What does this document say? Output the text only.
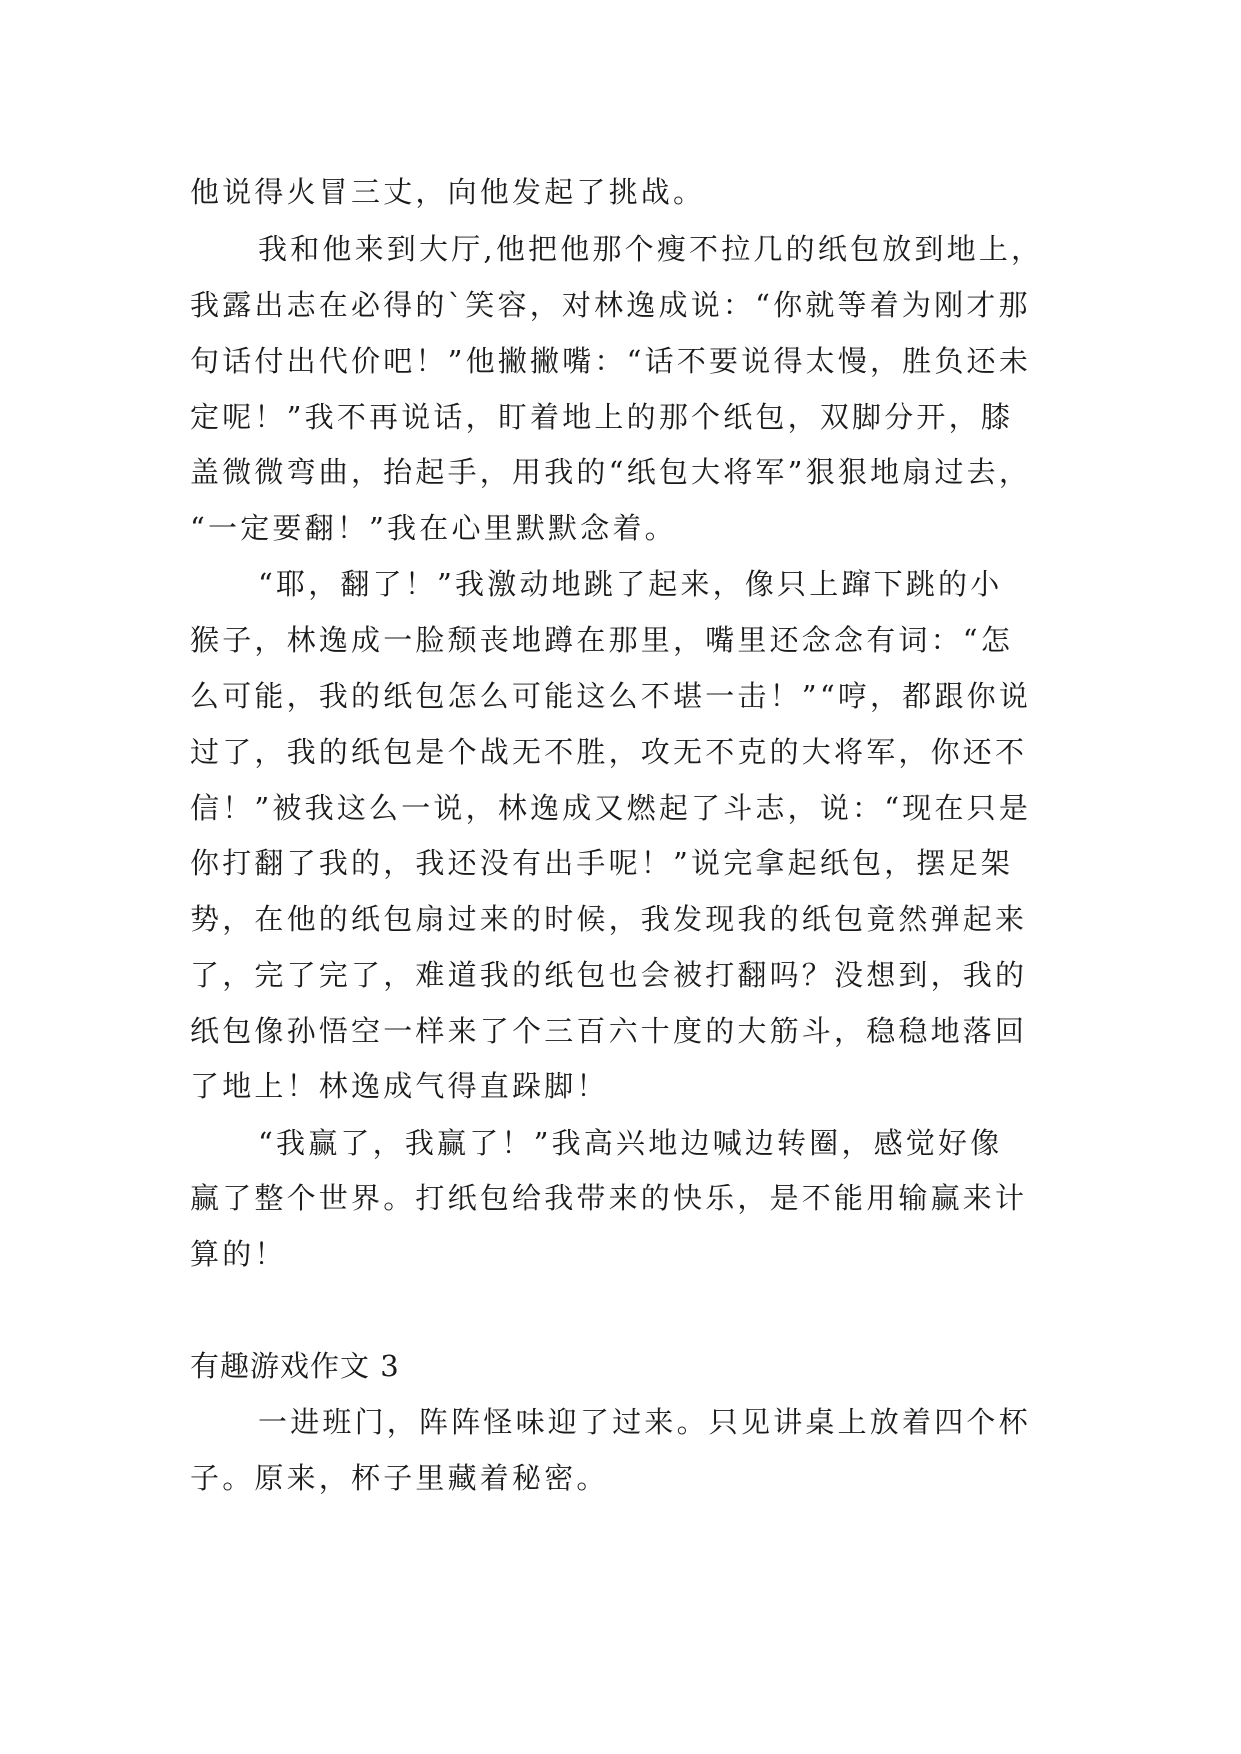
他说得火冒三丈，向他发起了挑战。
我和他来到大厅,他把他那个瘦不拉几的纸包放到地上，
我露出志在必得的`笑容，对林逸成说：“你就等着为刚才那
句话付出代价吧！”他撇撇嘴：“话不要说得太慢，胜负还未
定呢！”我不再说话，盯着地上的那个纸包，双脚分开，膝
盖微微弯曲，抬起手，用我的“纸包大将军”狠狠地扇过去，
“一定要翻！”我在心里默默念着。
“耶，翻了！”我激动地跳了起来，像只上蹿下跳的小
猴子，林逸成一脸颓丧地蹲在那里，嘴里还念念有词：“怎
么可能，我的纸包怎么可能这么不堪一击！”“哼，都跟你说
过了，我的纸包是个战无不胜，攻无不克的大将军，你还不
信！”被我这么一说，林逸成又燃起了斗志，说：“现在只是
你打翻了我的，我还没有出手呢！”说完拿起纸包，摆足架
势，在他的纸包扇过来的时候，我发现我的纸包竟然弹起来
了，完了完了，难道我的纸包也会被打翻吗？没想到，我的
纸包像孙悟空一样来了个三百六十度的大筋斗，稳稳地落回
了地上！林逸成气得直跺脚！
“我赢了，我赢了！”我高兴地边喊边转圈，感觉好像
赢了整个世界。打纸包给我带来的快乐，是不能用输赢来计
算的！
有趣游戏作文 3
一进班门，阵阵怪味迎了过来。只见讲桌上放着四个杯
子。原来，杯子里藏着秘密。
